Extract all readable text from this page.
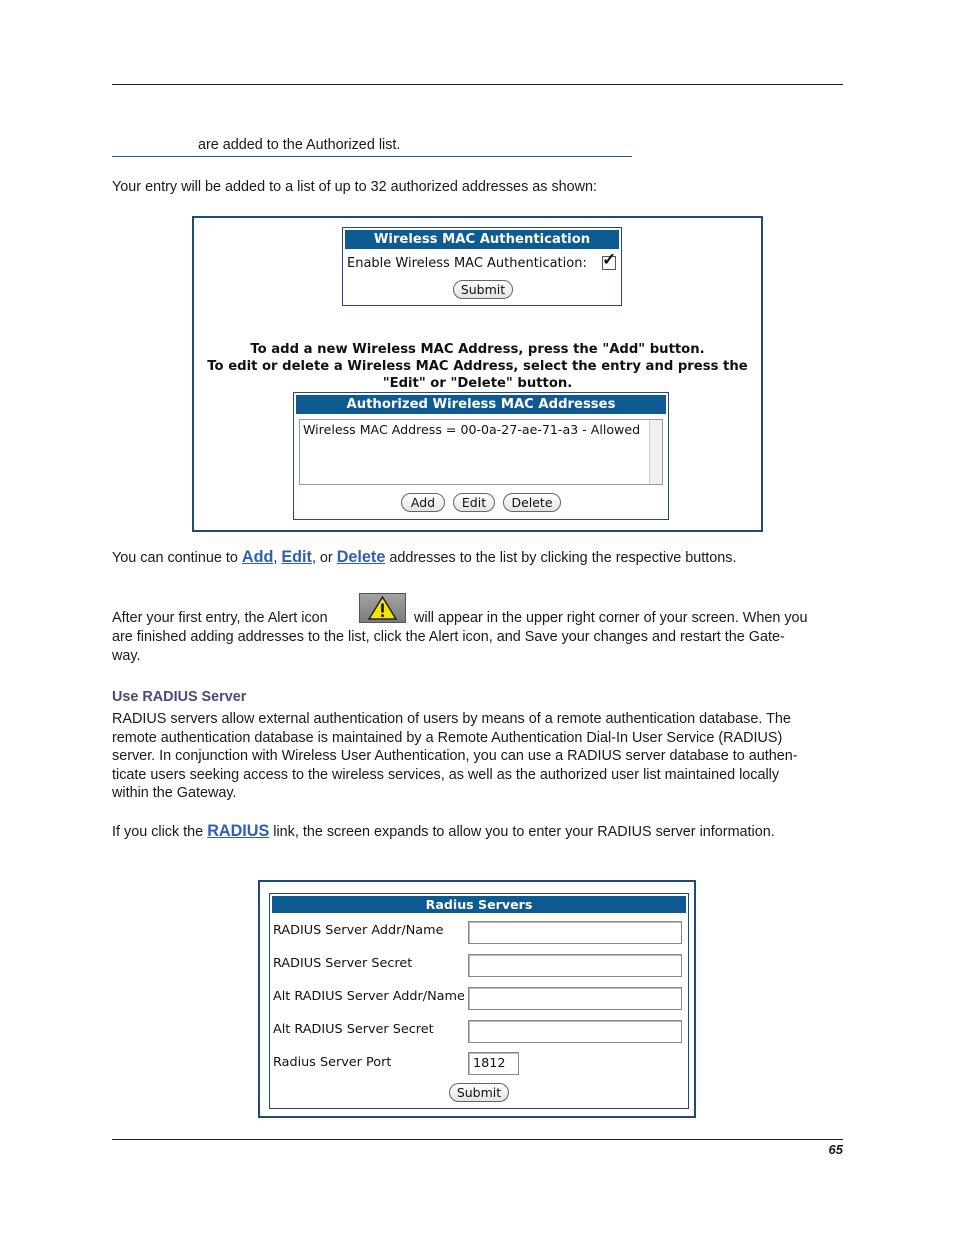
are added to the Authorized list.

Your entry will be added to a list of up to 32 authorized addresses as shown:

Wireless MAC Authentication
Enable Wireless MAC Authentication: ✓
Submit
To add a new Wireless MAC Address, press the "Add" button.
To edit or delete a Wireless MAC Address, select the entry and press the
"Edit" or "Delete" button.
Authorized Wireless MAC Addresses
Wireless MAC Address = 00-0a-27-ae-71-a3 - Allowed
Add	Edit	Delete

You can continue to Add, Edit, or Delete addresses to the list by clicking the respective buttons.

After your first entry, the Alert icon	will appear in the upper right corner of your screen. When you
are finished adding addresses to the list, click the Alert icon, and Save your changes and restart the Gate-
way.
Use RADIUS Server
RADIUS servers allow external authentication of users by means of a remote authentication database. The
remote authentication database is maintained by a Remote Authentication Dial-In User Service (RADIUS)
server. In conjunction with Wireless User Authentication, you can use a RADIUS server database to authen-
ticate users seeking access to the wireless services, as well as the authorized user list maintained locally
within the Gateway.

If you click the RADIUS link, the screen expands to allow you to enter your RADIUS server information.

Radius Servers
RADIUS Server Addr/Name
RADIUS Server Secret
Alt RADIUS Server Addr/Name
Alt RADIUS Server Secret
Radius Server Port	1812
Submit
65
